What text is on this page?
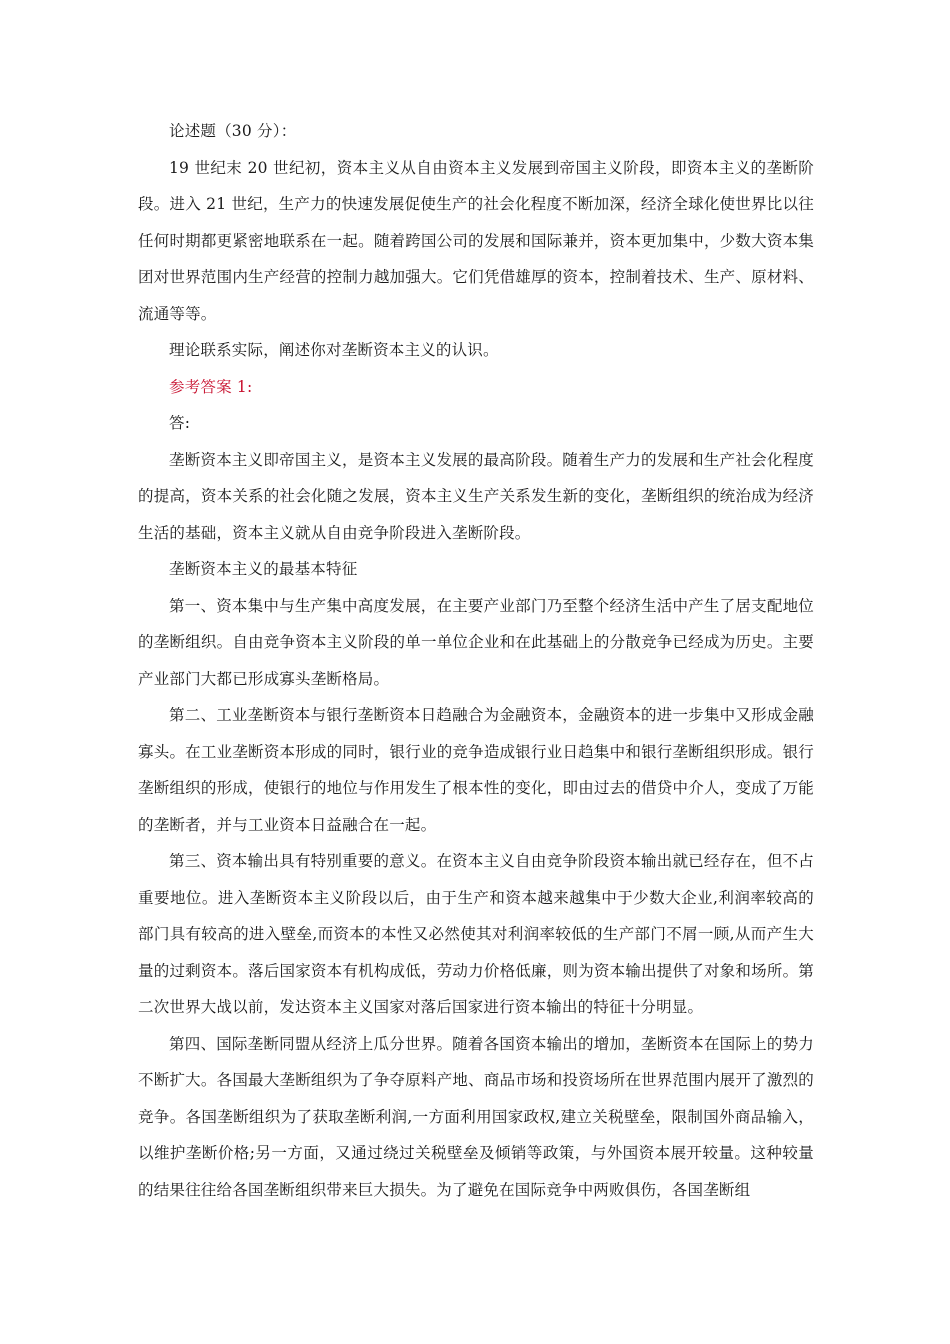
论述题（30 分）：

19 世纪末 20 世纪初，资本主义从自由资本主义发展到帝国主义阶段，即资本主义的垄断阶段。进入 21 世纪，生产力的快速发展促使生产的社会化程度不断加深，经济全球化使世界比以往任何时期都更紧密地联系在一起。随着跨国公司的发展和国际兼并，资本更加集中，少数大资本集团对世界范围内生产经营的控制力越加强大。它们凭借雄厚的资本，控制着技术、生产、原材料、流通等等。

理论联系实际，阐述你对垄断资本主义的认识。

参考答案 1:

答:

垄断资本主义即帝国主义，是资本主义发展的最高阶段。随着生产力的发展和生产社会化程度的提高，资本关系的社会化随之发展，资本主义生产关系发生新的变化，垄断组织的统治成为经济生活的基础，资本主义就从自由竞争阶段进入垄断阶段。

垄断资本主义的最基本特征

第一、资本集中与生产集中高度发展，在主要产业部门乃至整个经济生活中产生了居支配地位的垄断组织。自由竞争资本主义阶段的单一单位企业和在此基础上的分散竞争已经成为历史。主要产业部门大都已形成寡头垄断格局。

第二、工业垄断资本与银行垄断资本日趋融合为金融资本，金融资本的进一步集中又形成金融寡头。在工业垄断资本形成的同时，银行业的竞争造成银行业日趋集中和银行垄断组织形成。银行垄断组织的形成，使银行的地位与作用发生了根本性的变化，即由过去的借贷中介人，变成了万能的垄断者，并与工业资本日益融合在一起。

第三、资本输出具有特别重要的意义。在资本主义自由竞争阶段资本输出就已经存在，但不占重要地位。进入垄断资本主义阶段以后，由于生产和资本越来越集中于少数大企业,利润率较高的部门具有较高的进入壁垒,而资本的本性又必然使其对利润率较低的生产部门不屑一顾,从而产生大量的过剩资本。落后国家资本有机构成低，劳动力价格低廉，则为资本输出提供了对象和场所。第二次世界大战以前，发达资本主义国家对落后国家进行资本输出的特征十分明显。

第四、国际垄断同盟从经济上瓜分世界。随着各国资本输出的增加，垄断资本在国际上的势力不断扩大。各国最大垄断组织为了争夺原料产地、商品市场和投资场所在世界范围内展开了激烈的竞争。各国垄断组织为了获取垄断利润,一方面利用国家政权,建立关税壁垒，限制国外商品输入，以维护垄断价格;另一方面，又通过绕过关税壁垒及倾销等政策，与外国资本展开较量。这种较量的结果往往给各国垄断组织带来巨大损失。为了避免在国际竞争中两败俱伤，各国垄断组
